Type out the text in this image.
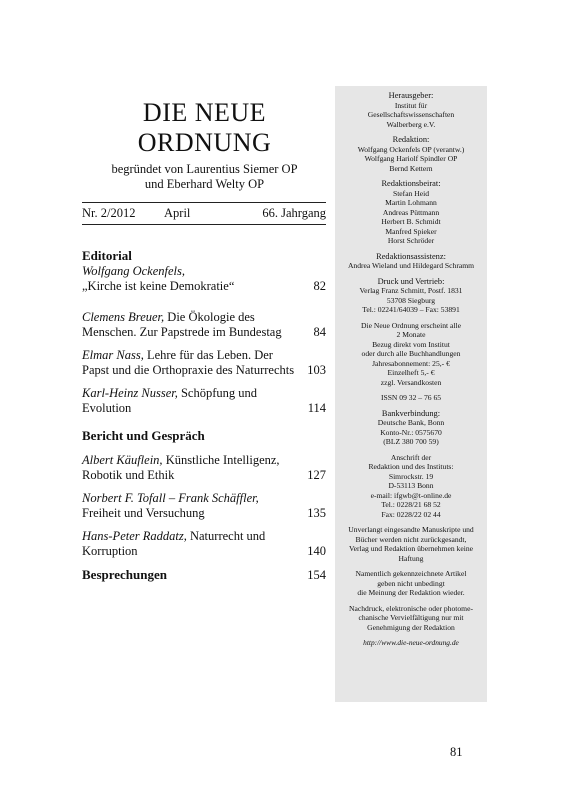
DIE NEUE
ORDNUNG
begründet von Laurentius Siemer OP
und Eberhard Welty OP
Nr. 2/2012 April	66. Jahrgang
Editorial
Wolfgang Ockenfels,
„Kirche ist keine Demokratie“	82
Clemens Breuer, Die Ökologie des Menschen. Zur Papstrede im Bundestag	84
Elmar Nass, Lehre für das Leben. Der Papst und die Orthopraxie des Naturrechts 103
Karl-Heinz Nusser, Schöpfung und Evolution	114
Bericht und Gespräch
Albert Käuflein, Künstliche Intelligenz, Robotik und Ethik	127
Norbert F. Tofall – Frank Schäffler, Freiheit und Versuchung	135
Hans-Peter Raddatz, Naturrecht und Korruption	140
Besprechungen	154
Herausgeber:
Institut für
Gesellschaftswissenschaften
Walberberg e.V.
Redaktion:
Wolfgang Ockenfels OP (verantw.)
Wolfgang Hariolf Spindler OP
Bernd Kettern
Redaktionsbeirat:
Stefan Heid
Martin Lohmann
Andreas Püttmann
Herbert B. Schmidt
Manfred Spieker
Horst Schröder
Redaktionsassistenz:
Andrea Wieland und Hildegard Schramm
Druck und Vertrieb:
Verlag Franz Schmitt, Postf. 1831
53708 Siegburg
Tel.: 02241/64039 – Fax: 53891
Die Neue Ordnung erscheint alle
2 Monate
Bezug direkt vom Institut
oder durch alle Buchhandlungen
Jahresabonnement: 25,- €
Einzelheft 5,- €
zzgl. Versandkosten
ISSN 09 32 – 76 65
Bankverbindung:
Deutsche Bank, Bonn
Konto-Nr.: 0575670
(BLZ 380 700 59)
Anschrift der
Redaktion und des Instituts:
Simrockstr. 19
D-53113 Bonn
e-mail: ifgwb@t-online.de
Tel.: 0228/21 68 52
Fax: 0228/22 02 44
Unverlangt eingesandte Manuskripte und
Bücher werden nicht zurückgesandt,
Verlag und Redaktion übernehmen keine
Haftung
Namentlich gekennzeichnete Artikel
geben nicht unbedingt
die Meinung der Redaktion wieder.
Nachdruck, elektronische oder photome-
chanische Vervielfältigung nur mit
Genehmigung der Redaktion
http://www.die-neue-ordnung.de
81
